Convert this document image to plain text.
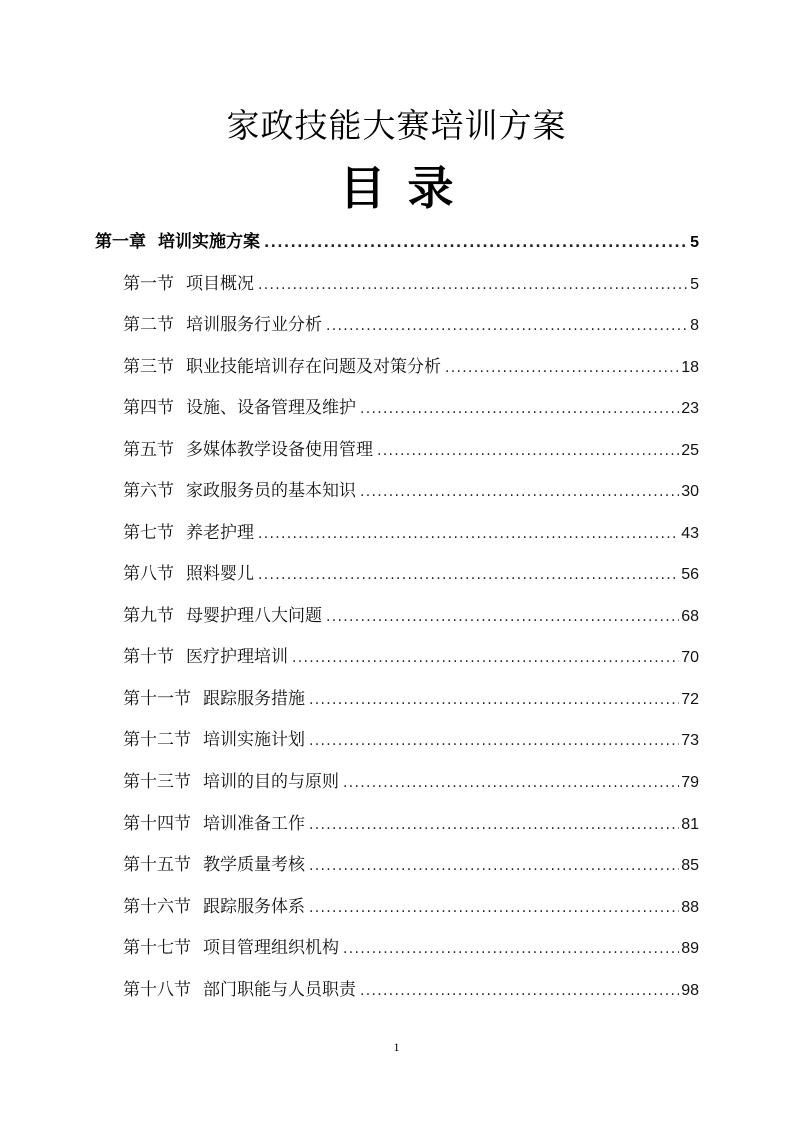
家政技能大赛培训方案
目录
第一章 培训实施方案 .....	5
第一节 项目概况 .....	5
第二节 培训服务行业分析 .....	8
第三节 职业技能培训存在问题及对策分析 .....	18
第四节 设施、设备管理及维护 .....	23
第五节 多媒体教学设备使用管理 .....	25
第六节 家政服务员的基本知识 .....	30
第七节 养老护理 .....	43
第八节 照料婴儿 .....	56
第九节 母婴护理八大问题 .....	68
第十节 医疗护理培训 .....	70
第十一节 跟踪服务措施 .....	72
第十二节 培训实施计划 .....	73
第十三节 培训的目的与原则 .....	79
第十四节 培训准备工作 .....	81
第十五节 教学质量考核 .....	85
第十六节 跟踪服务体系 .....	88
第十七节 项目管理组织机构 .....	89
第十八节 部门职能与人员职责 .....	98
1
